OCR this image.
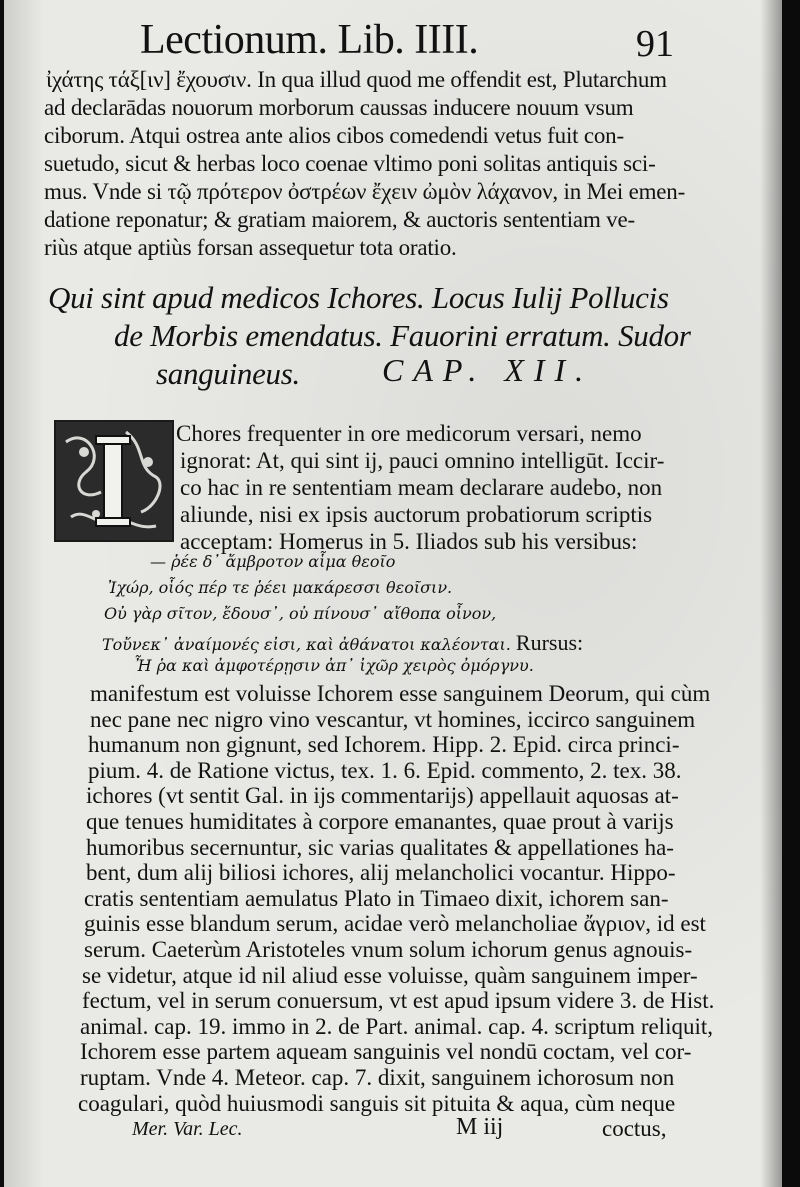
Lectionum. Lib. IIII.	91
ἰχάτης τάξ[ιν] ἔχουσιν. In qua illud quod me offendit est, Plutarchum
ad declarādas nouorum morborum caussas inducere nouum vsum
ciborum. Atqui ostrea ante alios cibos comedendi vetus fuit con-
suetudo, sicut & herbas loco coenae vltimo poni solitas antiquis sci-
mus. Vnde si τῷ πρότερον ὀστρέων ἔχειν ὠμὸν λάχανον, in Mei emen-
datione reponatur; & gratiam maiorem, & auctoris sententiam ve-
riùs atque aptiùs forsan assequetur tota oratio.
Qui sint apud medicos Ichores. Locus Iulij Pollucis
de Morbis emendatus. Fauorini erratum. Sudor
sanguineus.	CAP. XII.
Chores frequenter in ore medicorum versari, nemo
ignorat: At, qui sint ij, pauci omnino intelligūt. Iccir-
co hac in re sententiam meam declarare audebo, non
aliunde, nisi ex ipsis auctorum probatiorum scriptis
acceptam: Homerus in 5. Iliados sub his versibus:
— ῥέε δ᾽ ἄμβροτον αἷμα θεοῖο
Ἰχώρ, οἷός πέρ τε ῥέει μακάρεσσι θεοῖσιν.
Οὐ γὰρ σῖτον, ἔδουσ᾽, οὐ πίνουσ᾽ αἴθοπα οἶνον,
Τοὔνεκ᾽ ἀναίμονές εἰσι, καὶ ἀθάνατοι καλέονται. Rursus:
Ἦ ῥα καὶ ἀμφοτέρῃσιν ἀπ᾽ ἰχῶρ χειρὸς ὀμόργνυ.
manifestum est voluisse Ichorem esse sanguinem Deorum, qui cùm
nec pane nec nigro vino vescantur, vt homines, iccirco sanguinem
humanum non gignunt, sed Ichorem. Hipp. 2. Epid. circa princi-
pium. 4. de Ratione victus, tex. 1. 6. Epid. commento, 2. tex. 38.
ichores (vt sentit Gal. in ijs commentarijs) appellauit aquosas at-
que tenues humiditates à corpore emanantes, quae prout à varijs
humoribus secernuntur, sic varias qualitates & appellationes ha-
bent, dum alij biliosi ichores, alij melancholici vocantur. Hippo-
cratis sententiam aemulatus Plato in Timaeo dixit, ichorem san-
guinis esse blandum serum, acidae verò melancholiae ἄγριον, id est
serum. Caeterùm Aristoteles vnum solum ichorum genus agnouis-
se videtur, atque id nil aliud esse voluisse, quàm sanguinem imper-
fectum, vel in serum conuersum, vt est apud ipsum videre 3. de Hist.
animal. cap. 19. immo in 2. de Part. animal. cap. 4. scriptum reliquit,
Ichorem esse partem aqueam sanguinis vel nondū coctam, vel cor-
ruptam. Vnde 4. Meteor. cap. 7. dixit, sanguinem ichorosum non
coagulari, quòd huiusmodi sanguis sit pituita & aqua, cùm neque
Mer. Var. Lec.	M iij	coctus,
